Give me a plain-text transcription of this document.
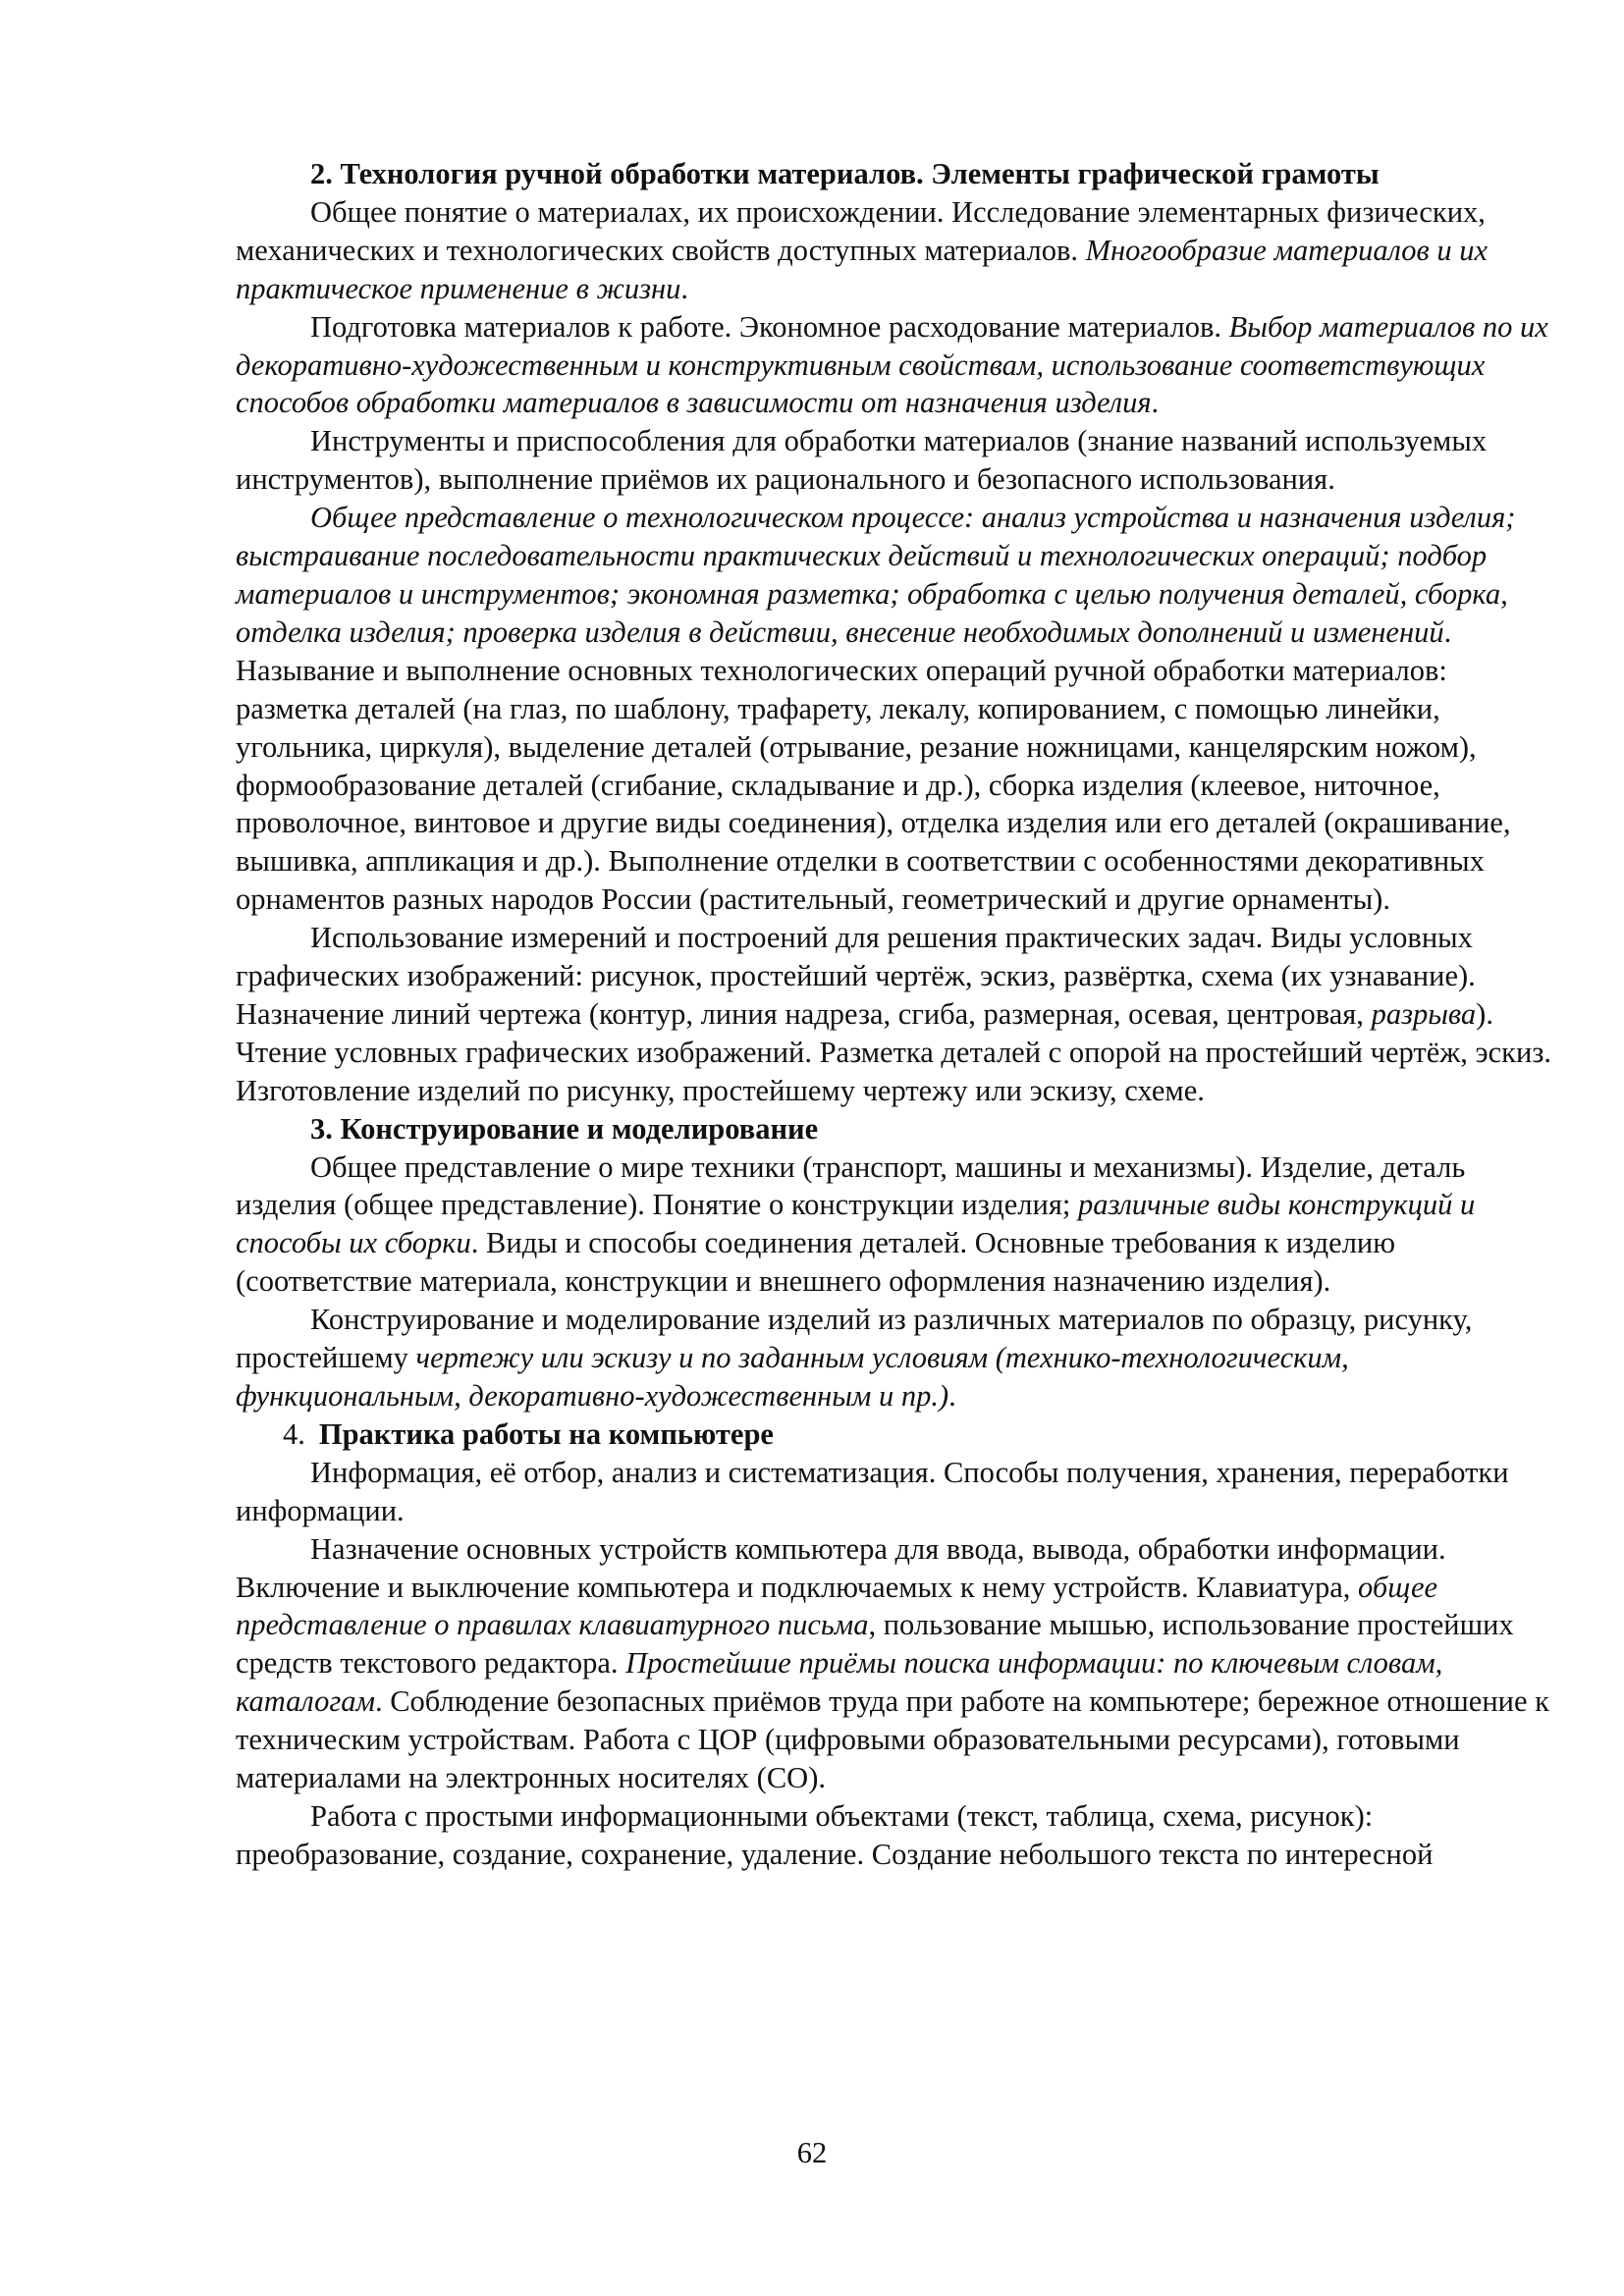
2. Технология ручной обработки материалов. Элементы графической грамоты

Общее понятие о материалах, их происхождении. Исследование элементарных физических, механических и технологических свойств доступных материалов. Многообразие материалов и их практическое применение в жизни.

Подготовка материалов к работе. Экономное расходование материалов. Выбор материалов по их декоративно-художественным и конструктивным свойствам, использование соответствующих способов обработки материалов в зависимости от назначения изделия.

Инструменты и приспособления для обработки материалов (знание названий используемых инструментов), выполнение приёмов их рационального и безопасного использования.

Общее представление о технологическом процессе: анализ устройства и назначения изделия; выстраивание последовательности практических действий и технологических операций; подбор материалов и инструментов; экономная разметка; обработка с целью получения деталей, сборка, отделка изделия; проверка изделия в действии, внесение необходимых дополнений и изменений. Называние и выполнение основных технологических операций ручной обработки материалов: разметка деталей (на глаз, по шаблону, трафарету, лекалу, копированием, с помощью линейки, угольника, циркуля), выделение деталей (отрывание, резание ножницами, канцелярским ножом), формообразование деталей (сгибание, складывание и др.), сборка изделия (клеевое, ниточное, проволочное, винтовое и другие виды соединения), отделка изделия или его деталей (окрашивание, вышивка, аппликация и др.). Выполнение отделки в соответствии с особенностями декоративных орнаментов разных народов России (растительный, геометрический и другие орнаменты).

Использование измерений и построений для решения практических задач. Виды условных графических изображений: рисунок, простейший чертёж, эскиз, развёртка, схема (их узнавание). Назначение линий чертежа (контур, линия надреза, сгиба, размерная, осевая, центровая, разрыва). Чтение условных графических изображений. Разметка деталей с опорой на простейший чертёж, эскиз. Изготовление изделий по рисунку, простейшему чертежу или эскизу, схеме.

3. Конструирование и моделирование

Общее представление о мире техники (транспорт, машины и механизмы). Изделие, деталь изделия (общее представление). Понятие о конструкции изделия; различные виды конструкций и способы их сборки. Виды и способы соединения деталей. Основные требования к изделию (соответствие материала, конструкции и внешнего оформления назначению изделия).

Конструирование и моделирование изделий из различных материалов по образцу, рисунку, простейшему чертежу или эскизу и по заданным условиям (технико-технологическим, функциональным, декоративно-художественным и пр.).

4. Практика работы на компьютере

Информация, её отбор, анализ и систематизация. Способы получения, хранения, переработки информации.

Назначение основных устройств компьютера для ввода, вывода, обработки информации. Включение и выключение компьютера и подключаемых к нему устройств. Клавиатура, общее представление о правилах клавиатурного письма, пользование мышью, использование простейших средств текстового редактора. Простейшие приёмы поиска информации: по ключевым словам, каталогам. Соблюдение безопасных приёмов труда при работе на компьютере; бережное отношение к техническим устройствам. Работа с ЦОР (цифровыми образовательными ресурсами), готовыми материалами на электронных носителях (CO).

Работа с простыми информационными объектами (текст, таблица, схема, рисунок): преобразование, создание, сохранение, удаление. Создание небольшого текста по интересной

62
